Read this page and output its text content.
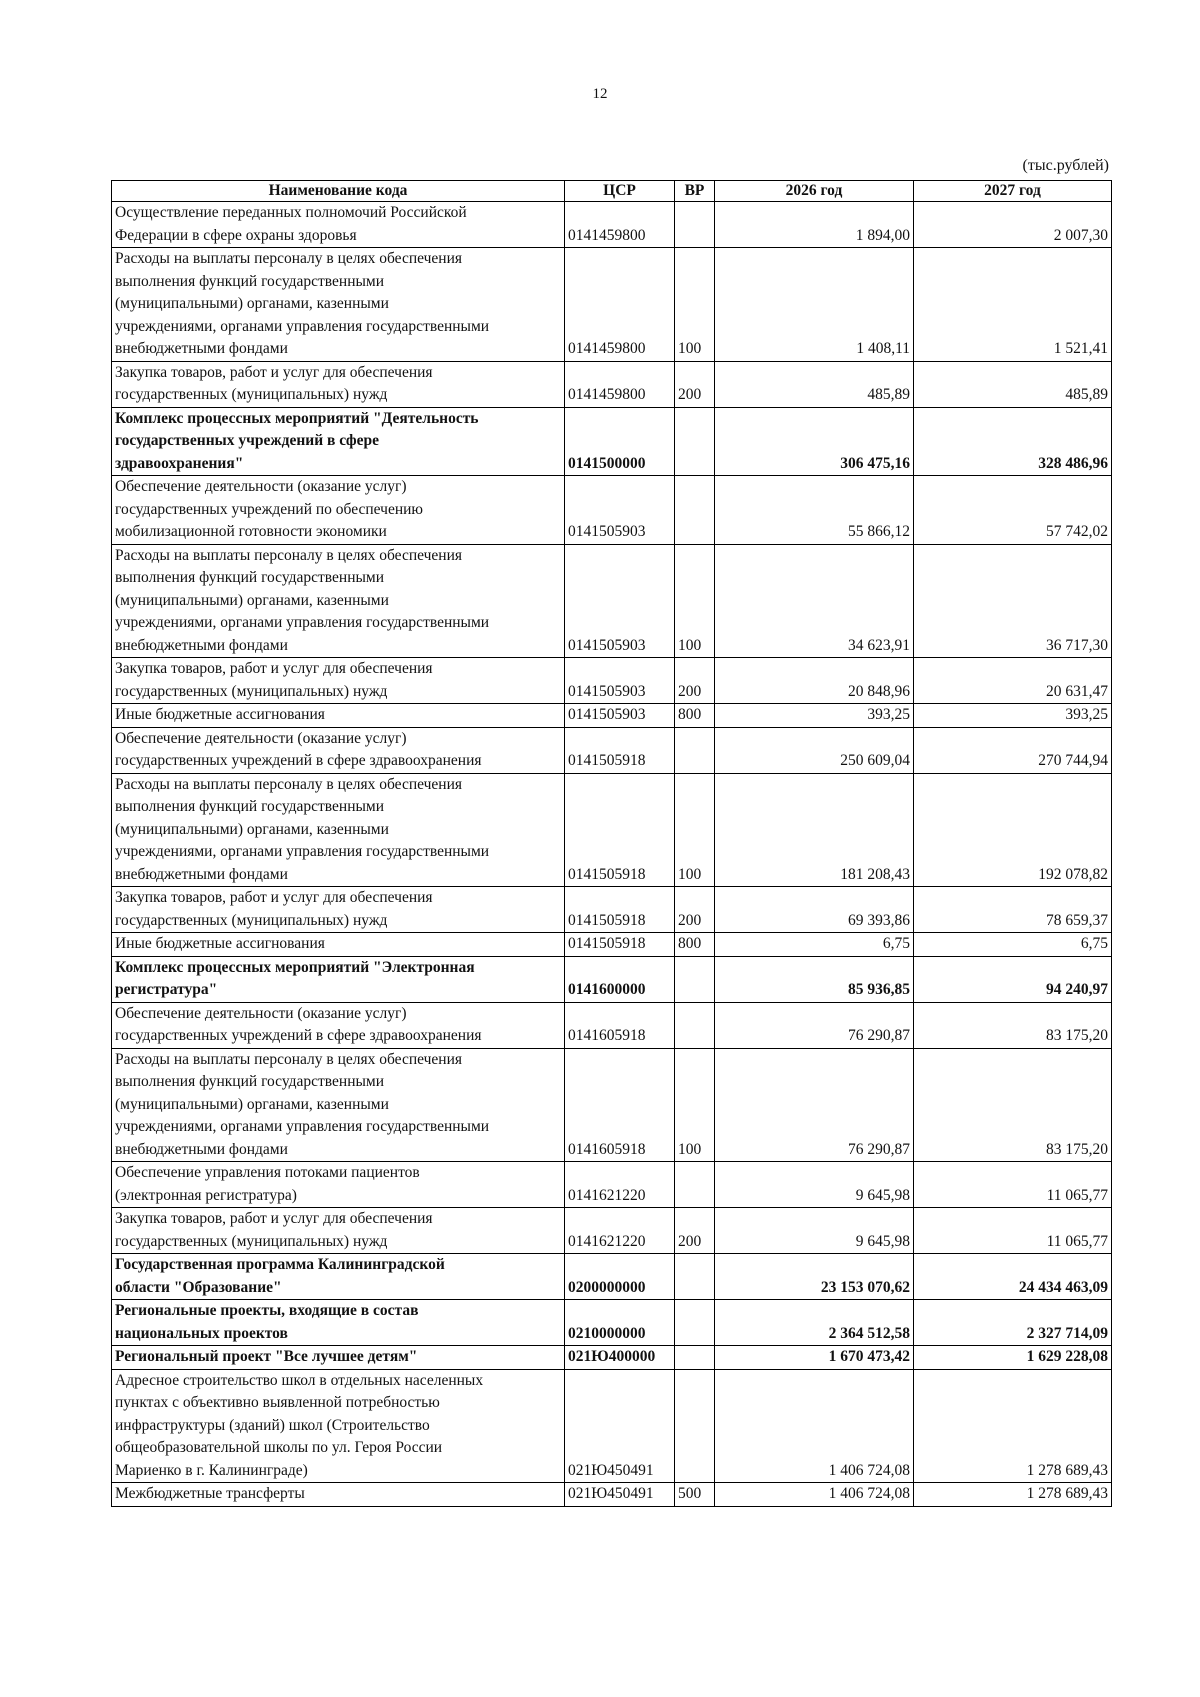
12
(тыс.рублей)
Наименование кода	ЦСР	ВР	2026 год	2027 год
Осуществление переданных полномочий Российской
Федерации в сфере охраны здоровья	0141459800		1 894,00	2 007,30
Расходы на выплаты персоналу в целях обеспечения
выполнения функций государственными
(муниципальными) органами, казенными
учреждениями, органами управления государственными
внебюджетными фондами	0141459800	100	1 408,11	1 521,41
Закупка товаров, работ и услуг для обеспечения
государственных (муниципальных) нужд	0141459800	200	485,89	485,89
Комплекс процессных мероприятий "Деятельность
государственных учреждений в сфере
здравоохранения"	0141500000		306 475,16	328 486,96
Обеспечение деятельности (оказание услуг)
государственных учреждений по обеспечению
мобилизационной готовности экономики	0141505903		55 866,12	57 742,02
Расходы на выплаты персоналу в целях обеспечения
выполнения функций государственными
(муниципальными) органами, казенными
учреждениями, органами управления государственными
внебюджетными фондами	0141505903	100	34 623,91	36 717,30
Закупка товаров, работ и услуг для обеспечения
государственных (муниципальных) нужд	0141505903	200	20 848,96	20 631,47
Иные бюджетные ассигнования	0141505903	800	393,25	393,25
Обеспечение деятельности (оказание услуг)
государственных учреждений в сфере здравоохранения	0141505918		250 609,04	270 744,94
Расходы на выплаты персоналу в целях обеспечения
выполнения функций государственными
(муниципальными) органами, казенными
учреждениями, органами управления государственными
внебюджетными фондами	0141505918	100	181 208,43	192 078,82
Закупка товаров, работ и услуг для обеспечения
государственных (муниципальных) нужд	0141505918	200	69 393,86	78 659,37
Иные бюджетные ассигнования	0141505918	800	6,75	6,75
Комплекс процессных мероприятий "Электронная
регистратура"	0141600000		85 936,85	94 240,97
Обеспечение деятельности (оказание услуг)
государственных учреждений в сфере здравоохранения	0141605918		76 290,87	83 175,20
Расходы на выплаты персоналу в целях обеспечения
выполнения функций государственными
(муниципальными) органами, казенными
учреждениями, органами управления государственными
внебюджетными фондами	0141605918	100	76 290,87	83 175,20
Обеспечение управления потоками пациентов
(электронная регистратура)	0141621220		9 645,98	11 065,77
Закупка товаров, работ и услуг для обеспечения
государственных (муниципальных) нужд	0141621220	200	9 645,98	11 065,77
Государственная программа Калининградской
области "Образование"	0200000000		23 153 070,62	24 434 463,09
Региональные проекты, входящие в состав
национальных проектов	0210000000		2 364 512,58	2 327 714,09
Региональный проект "Все лучшее детям"	021Ю400000		1 670 473,42	1 629 228,08
Адресное строительство школ в отдельных населенных
пунктах с объективно выявленной потребностью
инфраструктуры (зданий) школ (Строительство
общеобразовательной школы по ул. Героя России
Мариенко в г. Калининграде)	021Ю450491		1 406 724,08	1 278 689,43
Межбюджетные трансферты	021Ю450491	500	1 406 724,08	1 278 689,43
